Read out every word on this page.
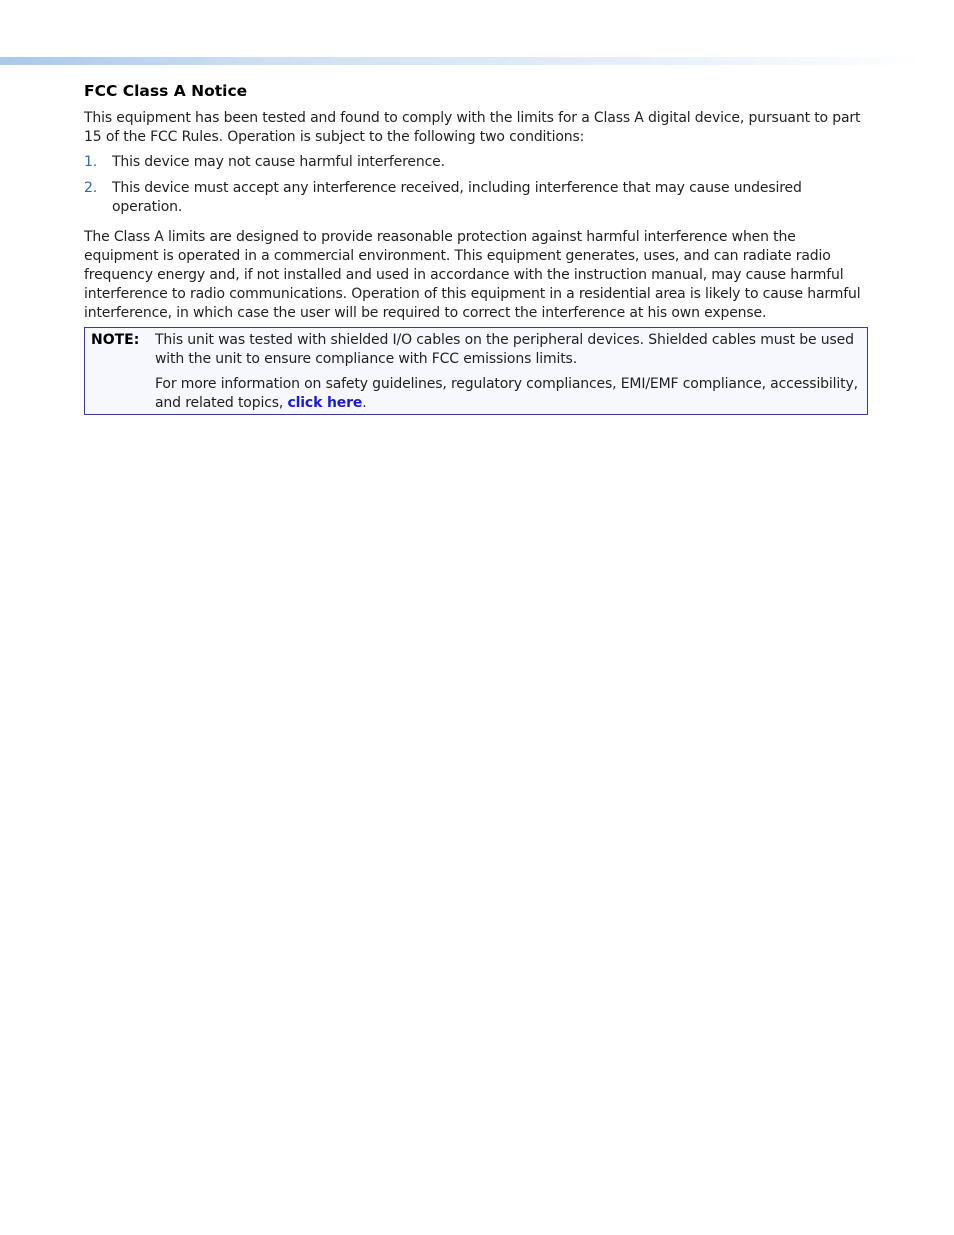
FCC Class A Notice

This equipment has been tested and found to comply with the limits for a Class A digital device, pursuant to part 15 of the FCC Rules. Operation is subject to the following two conditions:

1. This device may not cause harmful interference.
2. This device must accept any interference received, including interference that may cause undesired operation.

The Class A limits are designed to provide reasonable protection against harmful interference when the equipment is operated in a commercial environment. This equipment generates, uses, and can radiate radio frequency energy and, if not installed and used in accordance with the instruction manual, may cause harmful interference to radio communications. Operation of this equipment in a residential area is likely to cause harmful interference, in which case the user will be required to correct the interference at his own expense.

NOTE: This unit was tested with shielded I/O cables on the peripheral devices. Shielded cables must be used with the unit to ensure compliance with FCC emissions limits.

For more information on safety guidelines, regulatory compliances, EMI/EMF compliance, accessibility, and related topics, click here.
